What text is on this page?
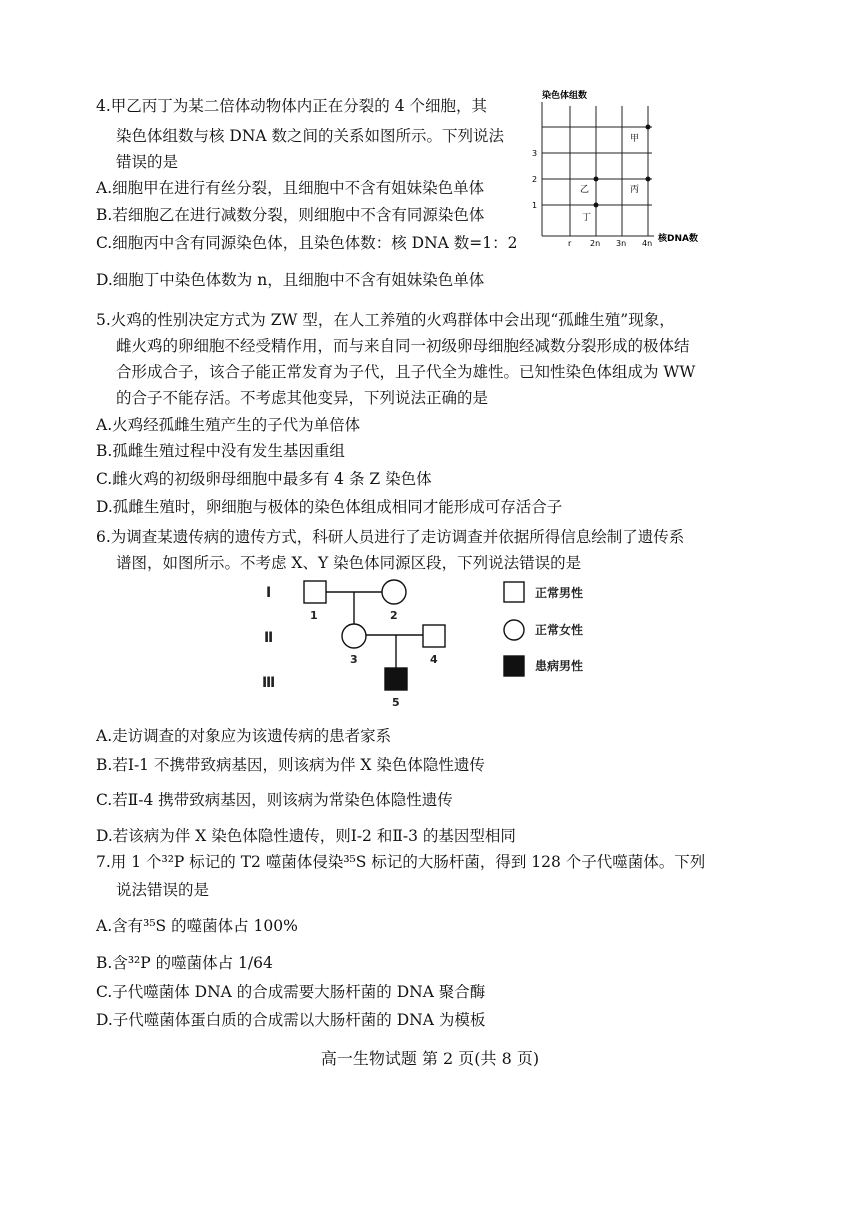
4.甲乙丙丁为某二倍体动物体内正在分裂的 4 个细胞，其
染色体组数与核 DNA 数之间的关系如图所示。下列说法
错误的是
A.细胞甲在进行有丝分裂，且细胞中不含有姐妹染色单体
B.若细胞乙在进行减数分裂，则细胞中不含有同源染色体
C.细胞丙中含有同源染色体，且染色体数：核 DNA 数=1：2
D.细胞丁中染色体数为 n，且细胞中不含有姐妹染色单体
染色体组数
核DNA数
1
2
3
r 2n 3n 4n
甲
乙	丙
丁
5.火鸡的性别决定方式为 ZW 型，在人工养殖的火鸡群体中会出现“孤雌生殖”现象，
雌火鸡的卵细胞不经受精作用，而与来自同一初级卵母细胞经减数分裂形成的极体结
合形成合子，该合子能正常发育为子代，且子代全为雄性。已知性染色体组成为 WW
的合子不能存活。不考虑其他变异，下列说法正确的是
A.火鸡经孤雌生殖产生的子代为单倍体
B.孤雌生殖过程中没有发生基因重组
C.雌火鸡的初级卵母细胞中最多有 4 条 Z 染色体
D.孤雌生殖时，卵细胞与极体的染色体组成相同才能形成可存活合子
6.为调查某遗传病的遗传方式，科研人员进行了走访调查并依据所得信息绘制了遗传系
谱图，如图所示。不考虑 X、Y 染色体同源区段，下列说法错误的是
Ⅰ
Ⅱ
Ⅲ
1	2
3	4
5
正常男性
正常女性
患病男性
A.走访调查的对象应为该遗传病的患者家系
B.若Ⅰ-1 不携带致病基因，则该病为伴 X 染色体隐性遗传
C.若Ⅱ-4 携带致病基因，则该病为常染色体隐性遗传
D.若该病为伴 X 染色体隐性遗传，则Ⅰ-2 和Ⅱ-3 的基因型相同
7.用 1 个³²P 标记的 T2 噬菌体侵染³⁵S 标记的大肠杆菌，得到 128 个子代噬菌体。下列
说法错误的是
A.含有³⁵S 的噬菌体占 100%
B.含³²P 的噬菌体占 1/64
C.子代噬菌体 DNA 的合成需要大肠杆菌的 DNA 聚合酶
D.子代噬菌体蛋白质的合成需以大肠杆菌的 DNA 为模板
高一生物试题 第 2 页(共 8 页)
